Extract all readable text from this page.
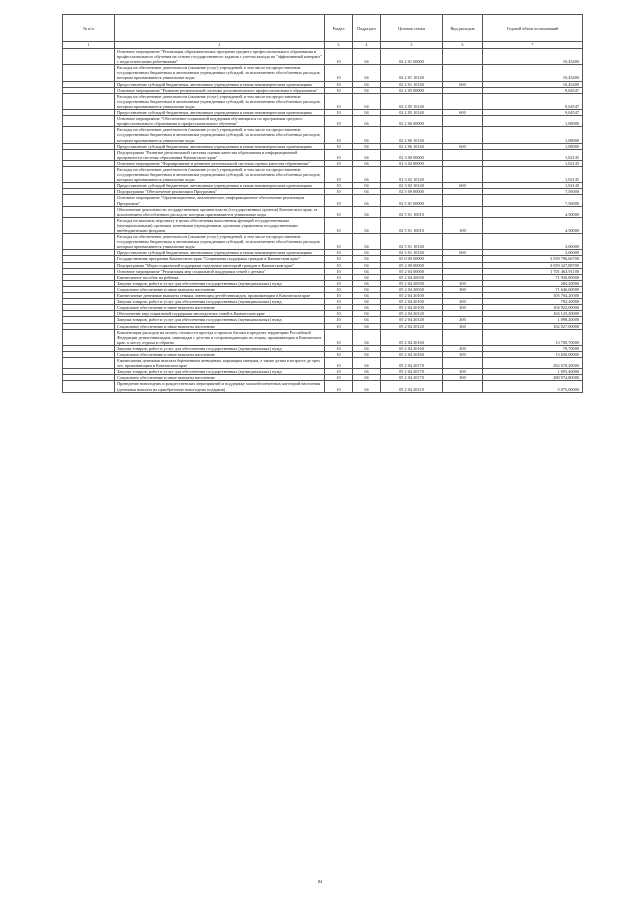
№ п/п		Раздел	Подраздел	Целевая статья	Вид расходов	Годовой объем ассигнований
1	2	3	4	5	6	7
	Основное мероприятие "Реализация образовательных программ среднего профессионального образования и профессионального обучения на основе государственного задания с учетом выхода на "эффективный контракт" с педагогическими работниками"	10	04	02 2 01 00000		10,45400
	Расходы на обеспечение деятельности (оказание услуг) учреждений, в том числе на предоставление государственным бюджетным и автономным учреждениям субсидий, за исключением обособленных расходов, которым присваиваются уникальные коды	10	04	02 2 01 10140		10,45400
	Предоставление субсидий бюджетным, автономным учреждениям и иным некоммерческим организациям	10	04	02 2 01 10140	600	10,45400
	Основное мероприятие "Развитие региональной системы дополнительного профессионального образования"	10	04	02 2 05 00000		9,04547
	Расходы на обеспечение деятельности (оказание услуг) учреждений, в том числе на предоставление государственным бюджетным и автономным учреждениям субсидий, за исключением обособленных расходов, которым присваиваются уникальные коды	10	04	02 2 05 10140		9,04547
	Предоставление субсидий бюджетным, автономным учреждениям и иным некоммерческим организациям	10	04	02 2 05 10140	600	9,04547
	Основное мероприятие "Обеспечение социальной поддержки обучающихся по программам среднего профессионального образования и профессионального обучения"	10	04	02 2 06 00000		1,08000
	Расходы на обеспечение деятельности (оказание услуг) учреждений, в том числе на предоставление государственным бюджетным и автономным учреждениям субсидий, за исключением обособленных расходов, которым присваиваются уникальные коды	10	04	02 2 06 10140		1,08000
	Предоставление субсидий бюджетным, автономным учреждениям и иным некоммерческим организациям	10	04	02 2 06 10140	600	1,08000
	Подпрограмма "Развитие региональной системы оценки качества образования и информационной прозрачности системы образования Камчатского края"	10	04	02 3 00 00000		1,02145
	Основное мероприятие "Формирование и развитие региональной системы оценки качества образования"	10	04	02 3 02 00000		1,02145
	Расходы на обеспечение деятельности (оказание услуг) учреждений, в том числе на предоставление государственным бюджетным и автономным учреждениям субсидий, за исключением обособленных расходов, которым присваиваются уникальные коды	10	04	02 3 02 10140		1,02145
	Предоставление субсидий бюджетным, автономным учреждениям и иным некоммерческим организациям	10	04	02 3 02 10140	600	1,02145
	Подпрограмма "Обеспечение реализации Программы"	10	04	02 5 00 00000		7,56000
	Основное мероприятие "Организационное, аналитическое, информационное обеспечение реализации Программы"	10	04	02 5 01 00000		7,56000
	Обеспечение деятельности государственных органов власти (государственных органов) Камчатского края, за исключением обособленных расходов, которым присваиваются уникальные коды	10	04	02 5 01 10010		4,50000
	Расходы на выплаты персоналу в целях обеспечения выполнения функций государственными (муниципальными) органами, казенными учреждениями, органами управления государственными внебюджетными фондами	10	04	02 5 01 10010	100	4,50000
	Расходы на обеспечение деятельности (оказание услуг) учреждений, в том числе на предоставление государственным бюджетным и автономным учреждениям субсидий, за исключением обособленных расходов, которым присваиваются уникальные коды	10	04	02 5 01 10140		3,06000
	Предоставление субсидий бюджетным, автономным учреждениям и иным некоммерческим организациям	10	04	02 5 01 10140	600	3,06000
	Государственная программа Камчатского края "Социальная поддержка граждан в Камчатском крае"	10	04	05 0 00 00000		3 059 796,66700
	Подпрограмма "Меры социальной поддержки отдельных категорий граждан в Камчатском крае"	10	04	05 2 00 00000		3 059 327,88700
	Основное мероприятие "Реализация мер социальной поддержки семей с детьми"	10	04	05 2 04 00000		1 701 463,91100
	Ежемесячное пособие на ребенка	10	04	05 2 04 20030		71 930,80000
	Закупка товаров, работ и услуг для обеспечения государственных (муниципальных) нужд	10	04	05 2 04 20030	200	284,20000
	Социальное обеспечение и иные выплаты населению	10	04	05 2 04 20030	300	71 646,60000
	Ежемесячные денежные выплаты семьям, имеющим детей-инвалидов, проживающим в Камчатском крае	10	04	05 2 04 20100		105 704,20000
	Закупка товаров, работ и услуг для обеспечения государственных (муниципальных) нужд	10	04	05 2 04 20100	200	782,20000
	Социальное обеспечение и иные выплаты населению	10	04	05 2 04 20100	300	104 922,00000
	Обеспечение мер социальной поддержки многодетных семей в Камчатском крае	10	04	05 2 04 20120		163 125,20000
	Закупка товаров, работ и услуг для обеспечения государственных (муниципальных) нужд	10	04	05 2 04 20120	200	1 098,20000
	Социальное обеспечение и иные выплаты населению	10	04	05 2 04 20120	300	162 027,00000
	Компенсация расходов на оплату стоимости проезда и провоза багажа в пределах территории Российской Федерации детям-инвалидам, инвалидам с детства и сопровождающим их лицам, проживающим в Камчатском крае, к месту отдыха и обратно	10	04	05 2 04 20160		13 700,70000
	Закупка товаров, работ и услуг для обеспечения государственных (муниципальных) нужд	10	04	05 2 04 20160	200	70,70000
	Социальное обеспечение и иные выплаты населению	10	04	05 2 04 20160	300	13 630,00000
	Ежемесячная денежная выплата беременным женщинам, кормящим матерям, а также детям в возрасте до трех лет, проживающим в Камчатском крае	10	04	05 2 04 20170		282 670,20000
	Закупка товаров, работ и услуг для обеспечения государственных (муниципальных) нужд	10	04	05 2 04 20170	200	1 695,40000
	Социальное обеспечение и иные выплаты населению	10	04	05 2 04 20170	300	280 974,80000
	Проведение новогодних и рождественских мероприятий и поддержку малообеспеченных категорий населения (денежная выплата на приобретение новогодних подарков)	10	04	05 2 04 20210		5 075,00000
84
